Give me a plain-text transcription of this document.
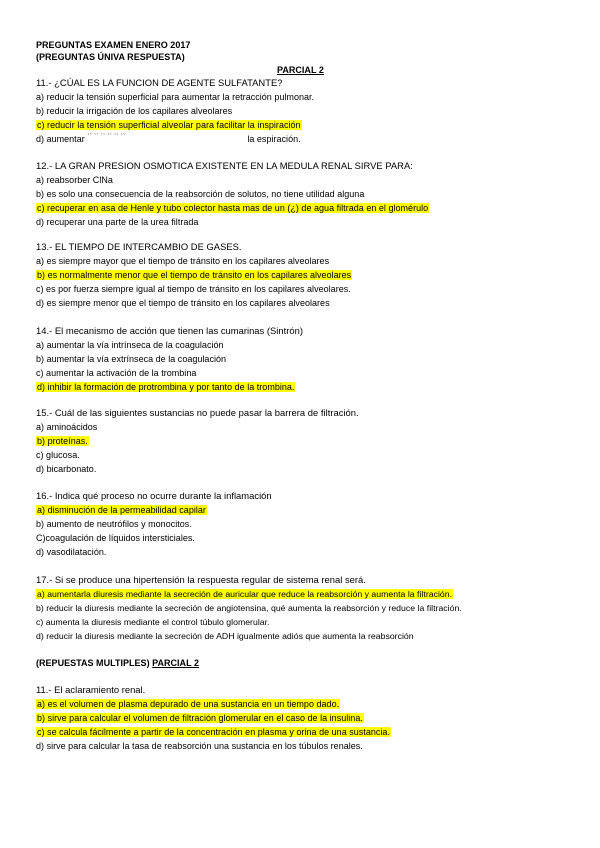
PREGUNTAS EXAMEN ENERO 2017
(PREGUNTAS ÚNIVA RESPUESTA)
PARCIAL 2
11.- ¿CÚAL ES LA FUNCION DE AGENTE SULFATANTE?
a) reducir la tensión superficial para aumentar la retracción pulmonar.
b) reducir la irrigación de los capilares alveolares
c) reducir la tensión superficial alveolar para facilitar la inspiración
d) aumentar `` `` `` `` `` ``	la espiración.
12.- LA GRAN PRESION OSMOTICA EXISTENTE EN LA MEDULA RENAL SIRVE PARA:
a) reabsorber ClNa
b) es solo una consecuencia de la reabsorción de solutos, no tiene utilidad alguna
c) recuperar en asa de Henle y tubo colector hasta mas de un (¿) de agua filtrada en el glomérulo
d) recuperar una parte de la urea filtrada
13.- EL TIEMPO DE INTERCAMBIO DE GASES.
a) es siempre mayor que el tiempo de tránsito en los capilares alveolares
b) es normalmente menor que el tiempo de tránsito en los capilares alveolares
c) es por fuerza siempre igual al tiempo de tránsito en los capilares alveolares.
d) es siempre menor que el tiempo de tránsito en los capilares alveolares
14.- El mecanismo de acción que tienen las cumarinas (Sintrón)
a) aumentar la vía intrínseca de la coagulación
b) aumentar la vía extrínseca de la coagulación
c) aumentar la activación de la trombina
d) inhibir la formación de protrombina y por tanto de la trombina.
15.- Cuál de las siguientes sustancias no puede pasar la barrera de filtración.
a) aminoácidos
b) proteínas.
c) glucosa.
d) bicarbonato.
16.- Indica qué proceso no ocurre durante la inflamación
a) disminución de la permeabilidad capilar
b) aumento de neutrófilos y monocitos.
C)coagulación de líquidos intersticiales.
d) vasodilatación.
17.- Si se produce una hipertensión la respuesta regular de sistema renal será.
a) aumentarla diuresis mediante la secreción de auricular que reduce la reabsorción y aumenta la filtración.
b) reducir la diuresis mediante la secreción de angiotensina, qué aumenta la reabsorción y reduce la filtración.
c) aumenta la diuresis mediante el control túbulo glomerular.
d) reducir la diuresis mediante la secreción de ADH igualmente adiós que aumenta la reabsorción
(REPUESTAS MULTIPLES) PARCIAL 2
11.- El aclaramiento renal.
a) es el volumen de plasma depurado de una sustancia en un tiempo dado.
b) sirve para calcular el volumen de filtración glomerular en el caso de la insulina.
c) se calcula fácilmente a partir de la concentración en plasma y orina de una sustancia.
d) sirve para calcular la tasa de reabsorción una sustancia en los túbulos renales.
